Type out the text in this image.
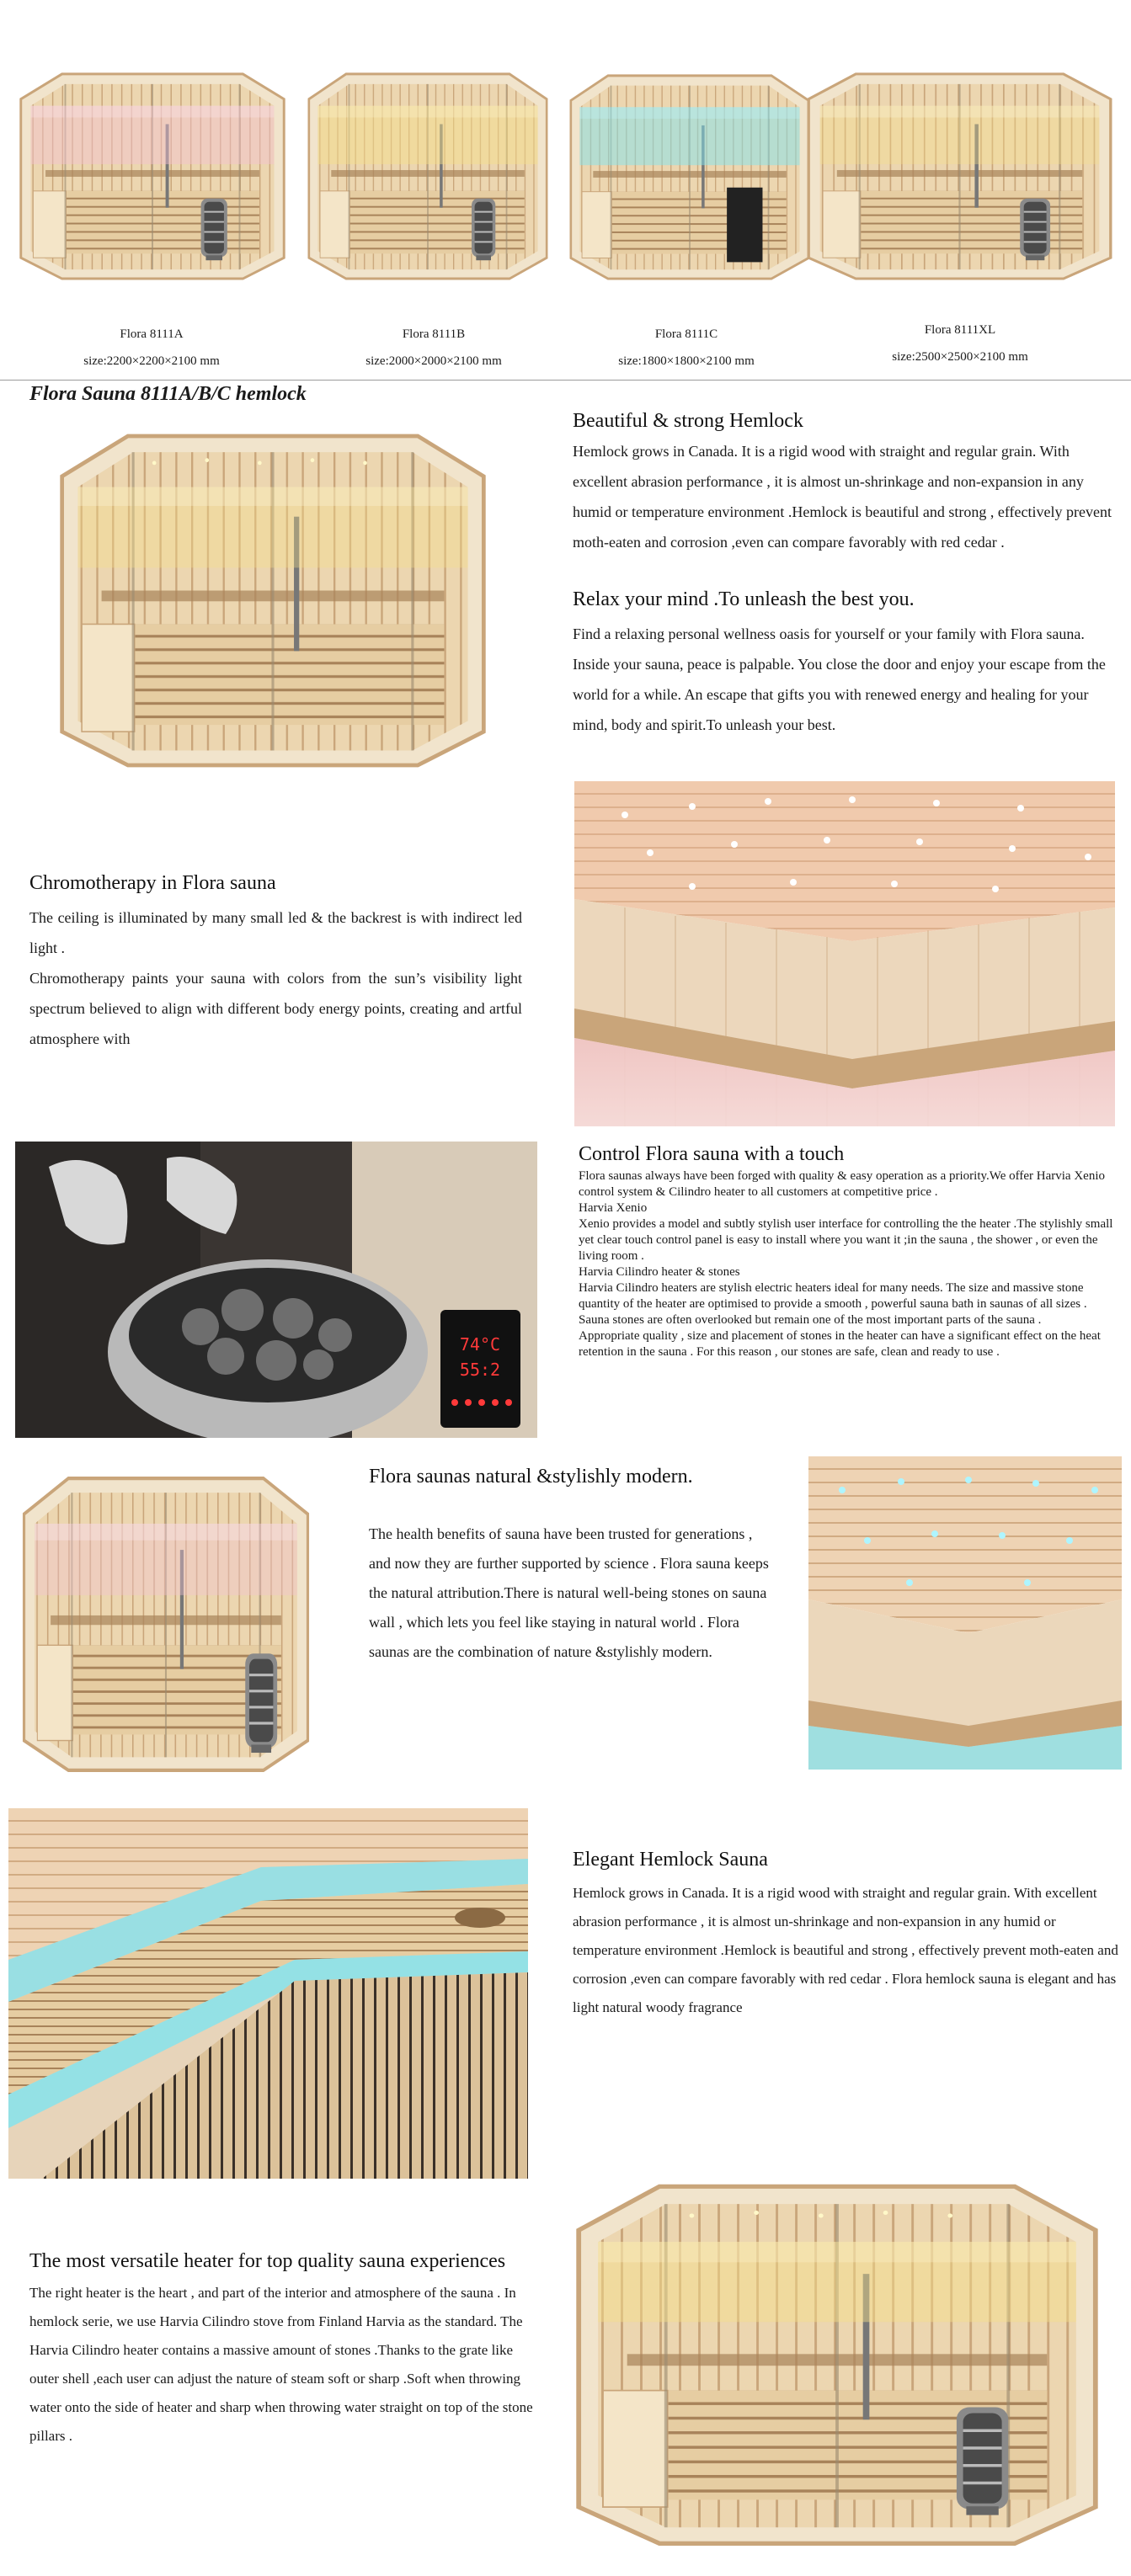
Flora 8111A
size:2200×2200×2100 mm
Flora 8111B
size:2000×2000×2100 mm
Flora 8111C
size:1800×1800×2100 mm
Flora 8111XL
size:2500×2500×2100 mm
Flora Sauna 8111A/B/C hemlock
Beautiful & strong Hemlock

Hemlock grows in Canada. It is a rigid wood with straight and regular grain. With excellent abrasion performance , it is almost un-shrinkage and non-expansion in any humid or temperature environment .Hemlock is beautiful and strong , effectively prevent moth-eaten and corrosion ,even can compare favorably with red cedar .

Relax your mind .To unleash the best you.

Find a relaxing personal wellness oasis for yourself or your family with Flora sauna. Inside your sauna, peace is palpable. You close the door and enjoy your escape from the world for a while. An escape that gifts you with renewed energy and healing for your mind, body and spirit.To unleash your best.

Chromotherapy in Flora sauna

The ceiling is illuminated by many small led & the backrest is with indirect led light .
Chromotherapy paints your sauna with colors from the sun’s visibility light spectrum believed to align with different body energy points, creating and artful atmosphere with

74°C
55:2
Control Flora sauna with a touch
Flora saunas always have been forged with quality & easy operation as a priority.We offer Harvia Xenio control system & Cilindro heater to all customers at competitive price .
Harvia Xenio
Xenio provides a model and subtly stylish user interface for controlling the the heater .The stylishly small yet clear touch control panel is easy to install where you want it ;in the sauna , the shower , or even the living room .
Harvia Cilindro heater & stones
Harvia Cilindro heaters are stylish electric heaters ideal for many needs. The size and massive stone quantity of the heater are optimised to provide a smooth , powerful sauna bath in saunas of all sizes .
Sauna stones are often overlooked but remain one of the most important parts of the sauna .
Appropriate quality , size and placement of stones in the heater can have a significant effect on the heat retention in the sauna . For this reason , our stones are safe, clean and ready to use .
Flora saunas natural &stylishly modern.

The health benefits of sauna have been trusted for generations , and now they are further supported by science . Flora sauna keeps the natural attribution.There is natural well-being stones on sauna wall , which lets you feel like staying in natural world . Flora saunas are the combination of nature &stylishly modern.

Elegant Hemlock Sauna

Hemlock grows in Canada. It is a rigid wood with straight and regular grain. With excellent abrasion performance , it is almost un-shrinkage and non-expansion in any humid or temperature environment .Hemlock is beautiful and strong , effectively prevent moth-eaten and corrosion ,even can compare favorably with red cedar . Flora hemlock sauna is elegant and has light natural woody fragrance

The most versatile heater for top quality sauna experiences

The right heater is the heart , and part of the interior and atmosphere of the sauna . In hemlock serie, we use Harvia Cilindro stove from Finland Harvia as the standard. The Harvia Cilindro heater contains a massive amount of stones .Thanks to the grate like outer shell ,each user can adjust the nature of steam soft or sharp .Soft when throwing water onto the side of heater and sharp when throwing water straight on top of the stone pillars .
